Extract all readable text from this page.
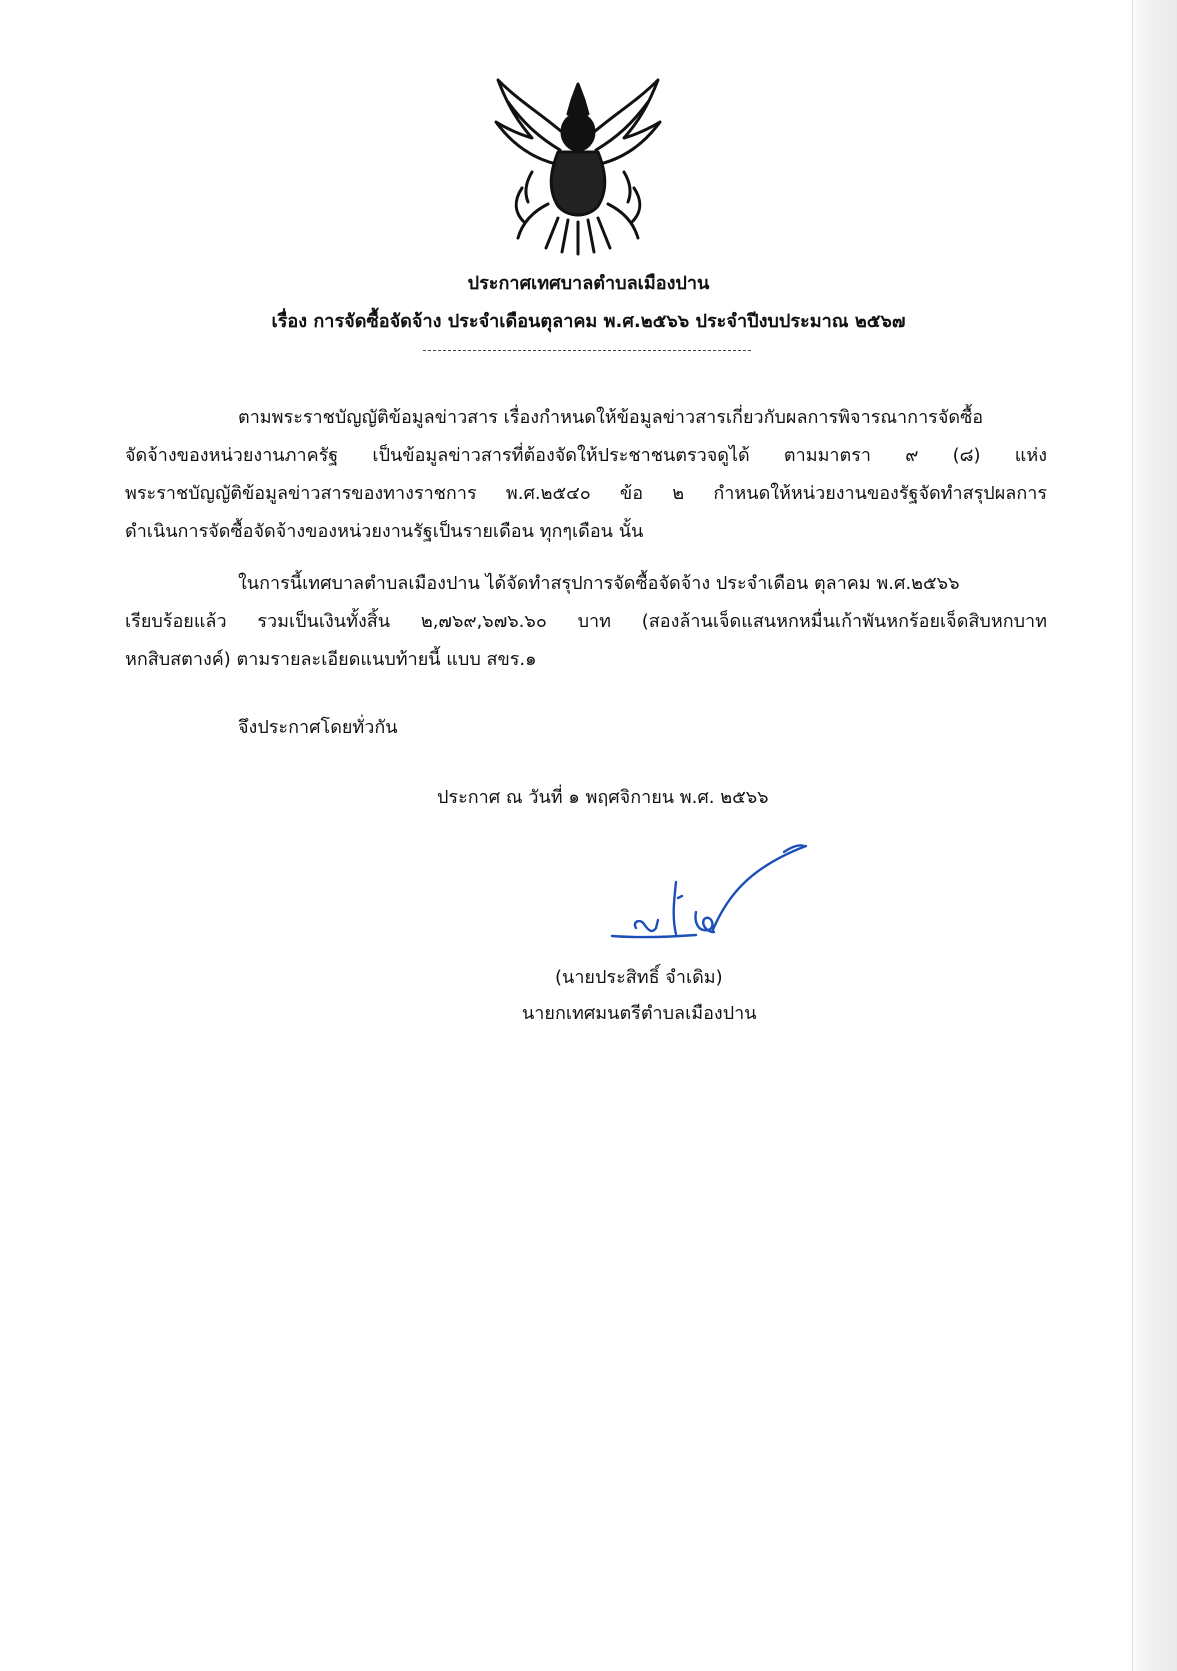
ประกาศเทศบาลตำบลเมืองปาน
เรื่อง การจัดซื้อจัดจ้าง ประจำเดือนตุลาคม พ.ศ.๒๕๖๖ ประจำปีงบประมาณ ๒๕๖๗
ตามพระราชบัญญัติข้อมูลข่าวสาร เรื่องกำหนดให้ข้อมูลข่าวสารเกี่ยวกับผลการพิจารณาการจัดซื้อ
จัดจ้างของหน่วยงานภาครัฐ เป็นข้อมูลข่าวสารที่ต้องจัดให้ประชาชนตรวจดูได้ ตามมาตรา ๙ (๘) แห่ง
พระราชบัญญัติข้อมูลข่าวสารของทางราชการ พ.ศ.๒๕๔๐ ข้อ ๒ กำหนดให้หน่วยงานของรัฐจัดทำสรุปผลการ
ดำเนินการจัดซื้อจัดจ้างของหน่วยงานรัฐเป็นรายเดือน ทุกๆเดือน นั้น
ในการนี้เทศบาลตำบลเมืองปาน ได้จัดทำสรุปการจัดซื้อจัดจ้าง ประจำเดือน ตุลาคม พ.ศ.๒๕๖๖
เรียบร้อยแล้ว รวมเป็นเงินทั้งสิ้น ๒,๗๖๙,๖๗๖.๖๐ บาท (สองล้านเจ็ดแสนหกหมื่นเก้าพันหกร้อยเจ็ดสิบหกบาท
หกสิบสตางค์) ตามรายละเอียดแนบท้ายนี้ แบบ สขร.๑
จึงประกาศโดยทั่วกัน
ประกาศ ณ วันที่ ๑ พฤศจิกายน พ.ศ. ๒๕๖๖
(นายประสิทธิ์ จำเดิม)
นายกเทศมนตรีตำบลเมืองปาน
